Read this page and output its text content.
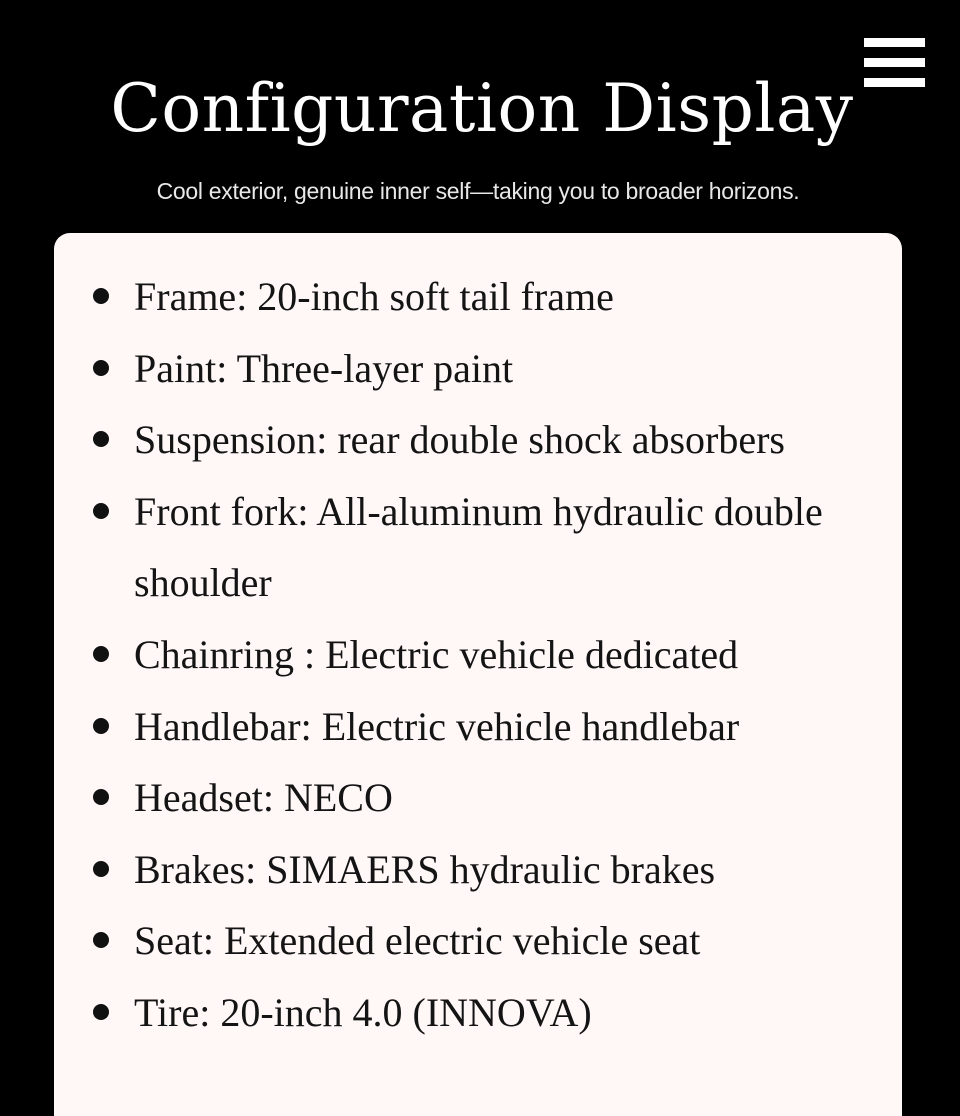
Configuration Display

Cool exterior, genuine inner self—taking you to broader horizons.

Frame: 20-inch soft tail frame
Paint: Three-layer paint
Suspension: rear double shock absorbers
Front fork: All-aluminum hydraulic double shoulder
Chainring : Electric vehicle dedicated
Handlebar: Electric vehicle handlebar
Headset: NECO
Brakes: SIMAERS hydraulic brakes
Seat: Extended electric vehicle seat
Tire: 20-inch 4.0 (INNOVA)
